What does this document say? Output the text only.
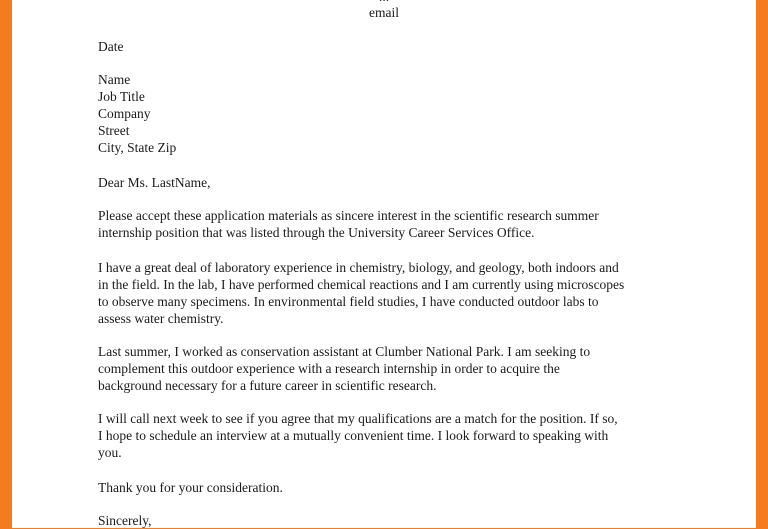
email
Date
Name
Job Title
Company
Street
City, State Zip
Dear Ms. LastName,
Please accept these application materials as sincere interest in the scientific research summer
internship position that was listed through the University Career Services Office.
I have a great deal of laboratory experience in chemistry, biology, and geology, both indoors and
in the field. In the lab, I have performed chemical reactions and I am currently using microscopes
to observe many specimens. In environmental field studies, I have conducted outdoor labs to
assess water chemistry.
Last summer, I worked as conservation assistant at Clumber National Park. I am seeking to
complement this outdoor experience with a research internship in order to acquire the
background necessary for a future career in scientific research.
I will call next week to see if you agree that my qualifications are a match for the position. If so,
I hope to schedule an interview at a mutually convenient time. I look forward to speaking with
you.
Thank you for your consideration.
Sincerely,
